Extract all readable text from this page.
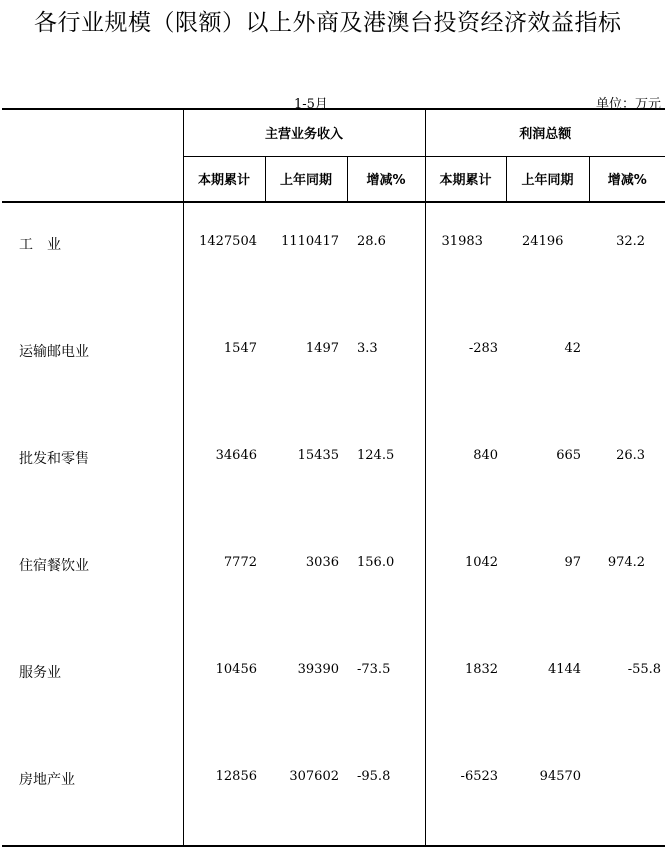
各行业规模（限额）以上外商及港澳台投资经济效益指标
1-5月	单位：万元
	主营业务收入			利润总额		
	本期累计	上年同期	增减%	本期累计	上年同期	增减%
工　业	1427504	1110417	28.6	31983	24196	32.2
运输邮电业	1547	1497	3.3	-283	42	
批发和零售	34646	15435	124.5	840	665	26.3
住宿餐饮业	7772	3036	156.0	1042	97	974.2
服务业	10456	39390	-73.5	1832	4144	-55.8
房地产业	12856	307602	-95.8	-6523	94570	
